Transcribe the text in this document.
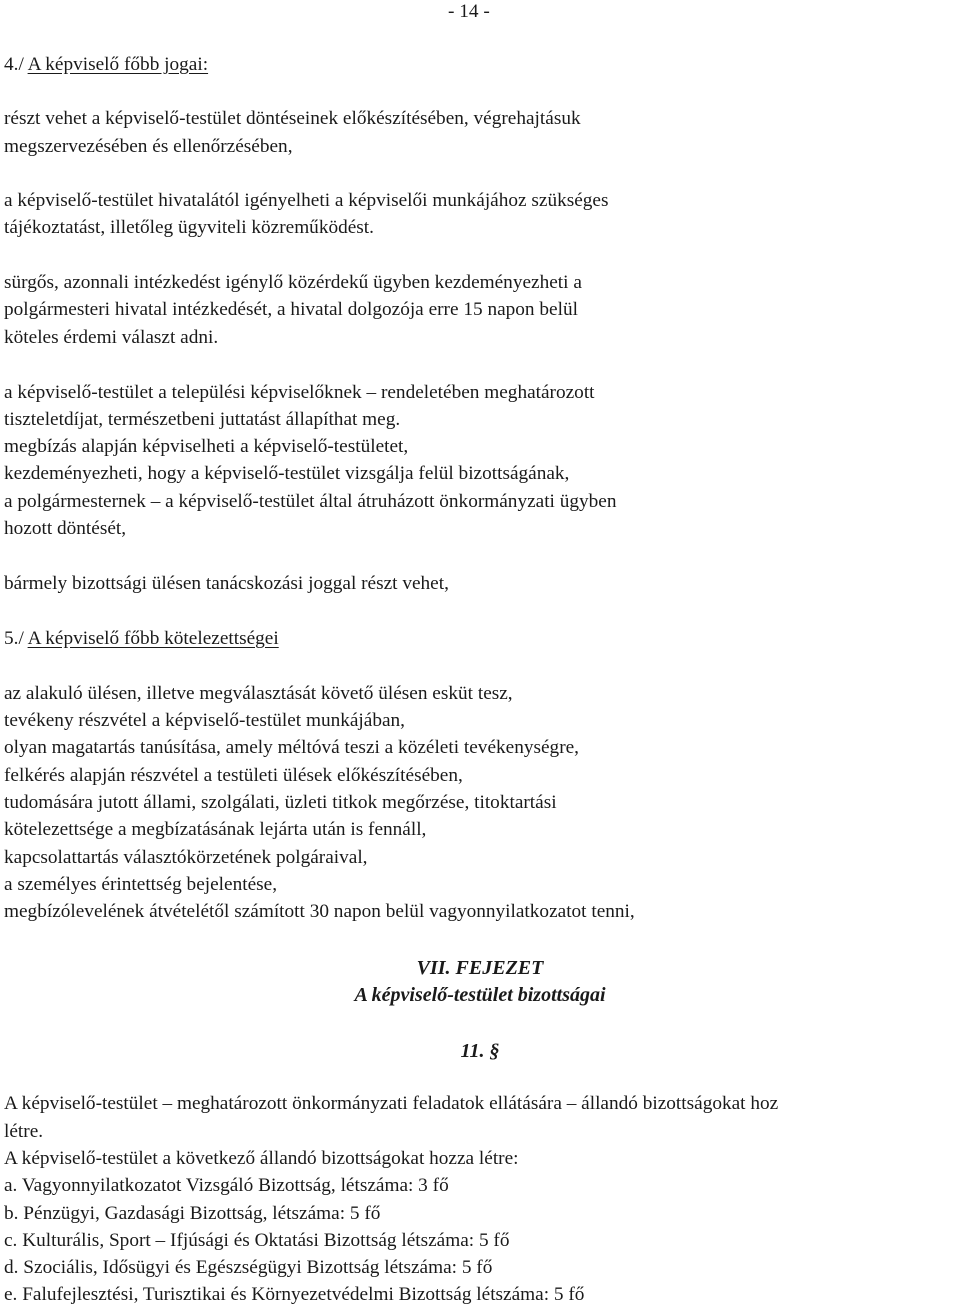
- 14 -
4./ A képviselő főbb jogai:
részt vehet a képviselő-testület döntéseinek előkészítésében, végrehajtásuk
megszervezésében és ellenőrzésében,
a képviselő-testület hivatalától igényelheti a képviselői munkájához szükséges
tájékoztatást, illetőleg ügyviteli közreműködést.
sürgős, azonnali intézkedést igénylő közérdekű ügyben kezdeményezheti a
polgármesteri hivatal intézkedését, a hivatal dolgozója erre 15 napon belül
köteles érdemi választ adni.
a képviselő-testület a települési képviselőknek – rendeletében meghatározott
tiszteletdíjat, természetbeni juttatást állapíthat meg.
megbízás alapján képviselheti a képviselő-testületet,
kezdeményezheti, hogy a képviselő-testület vizsgálja felül bizottságának,
a polgármesternek – a képviselő-testület által átruházott önkormányzati ügyben
hozott döntését,
bármely bizottsági ülésen tanácskozási joggal részt vehet,
5./ A képviselő főbb kötelezettségei
az alakuló ülésen, illetve megválasztását követő ülésen esküt tesz,
tevékeny részvétel a képviselő-testület munkájában,
olyan magatartás tanúsítása, amely méltóvá teszi a közéleti tevékenységre,
felkérés alapján részvétel a testületi ülések előkészítésében,
tudomására jutott állami, szolgálati, üzleti titkok megőrzése, titoktartási
kötelezettsége a megbízatásának lejárta után is fennáll,
kapcsolattartás választókörzetének polgáraival,
a személyes érintettség bejelentése,
megbízólevelének átvételétől számított 30 napon belül vagyonnyilatkozatot tenni,
VII. FEJEZET
A képviselő-testület bizottságai
11. §
A képviselő-testület – meghatározott önkormányzati feladatok ellátására – állandó bizottságokat hoz
létre.
A képviselő-testület a következő állandó bizottságokat hozza létre:
a. Vagyonnyilatkozatot Vizsgáló Bizottság, létszáma: 3 fő
b. Pénzügyi, Gazdasági Bizottság, létszáma: 5 fő
c. Kulturális, Sport – Ifjúsági és Oktatási Bizottság létszáma: 5 fő
d. Szociális, Idősügyi és Egészségügyi Bizottság létszáma: 5 fő
e. Falufejlesztési, Turisztikai és Környezetvédelmi Bizottság létszáma: 5 fő
